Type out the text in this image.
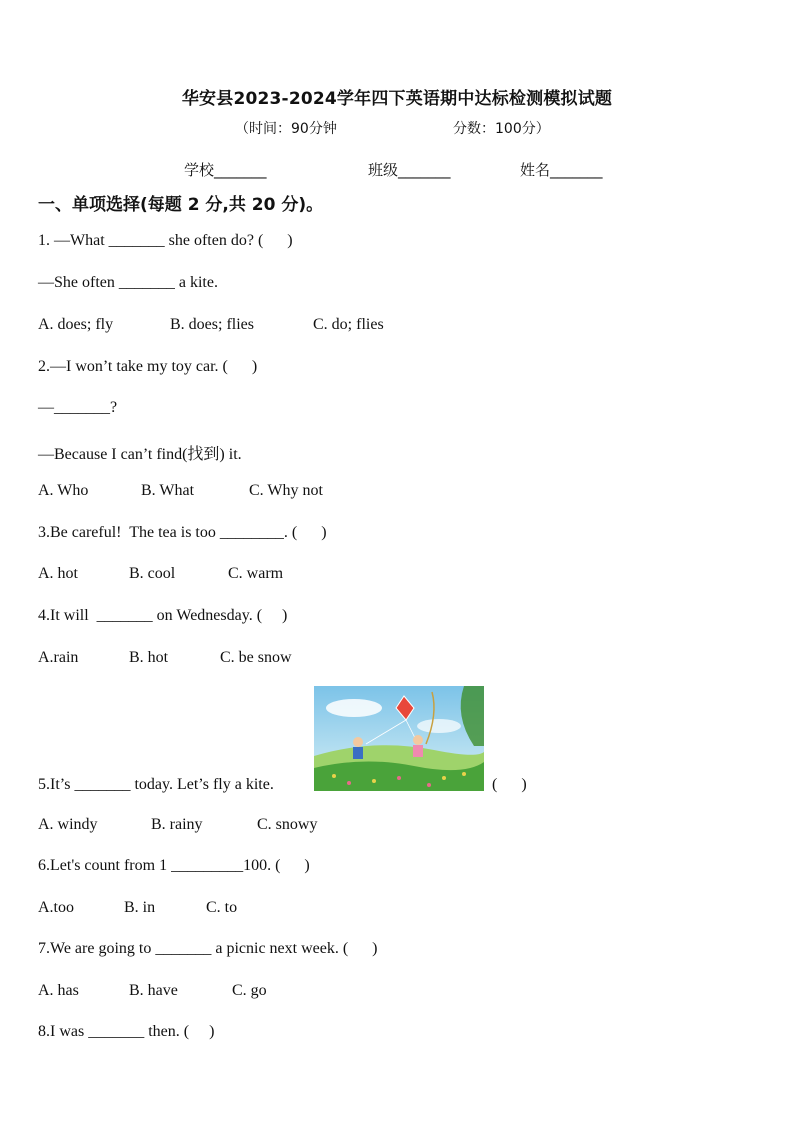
华安县2023-2024学年四下英语期中达标检测模拟试题
（时间：90分钟	分数：100分）
学校_______	班级_______	姓名_______
一、单项选择(每题 2 分,共 20 分)。
1. —What _______ she often do? (      )
—She often _______ a kite.
A. does; fly	B. does; flies	C. do; flies
2.—I won’t take my toy car. (      )
—_______?
—Because I can’t find(找到) it.
A. Who	B. What	C. Why not
3.Be careful!  The tea is too ________. (      )
A. hot	B. cool	C. warm
4.It will  _______ on Wednesday. (     )
A.rain	B. hot	C. be snow
5.It’s _______ today. Let’s fly a kite.	(      )
A. windy	B. rainy	C. snowy
6.Let's count from 1 _________100. (      )
A.too	B. in	C. to
7.We are going to _______ a picnic next week. (      )
A. has	B. have	C. go
8.I was _______ then. (     )
